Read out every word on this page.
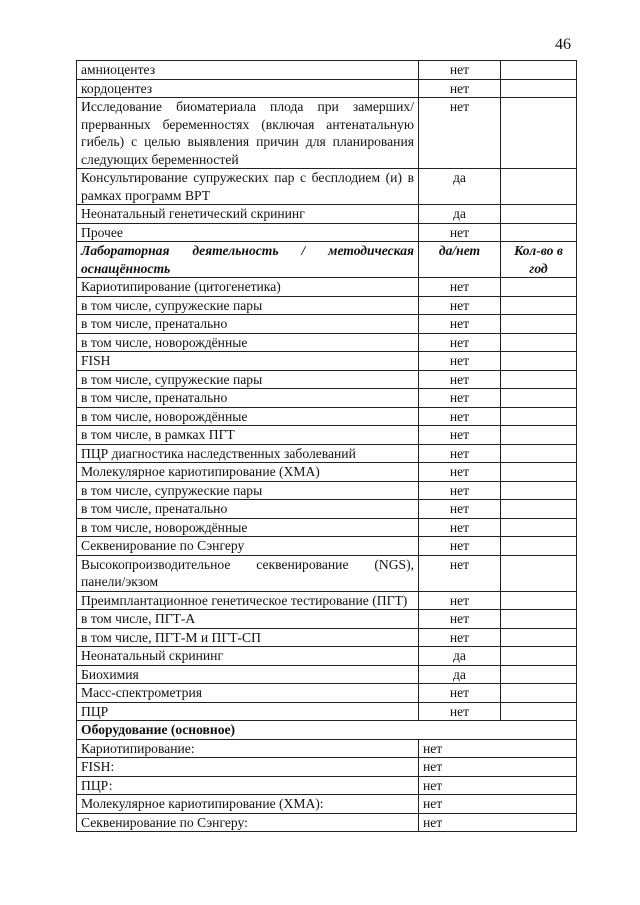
46
амниоцентез	нет	
кордоцентез	нет	
Исследование биоматериала плода при замерших/прерванных беременностях (включая антенатальную гибель) с целью выявления причин для планирования следующих беременностей	нет	
Консультирование супружеских пар с бесплодием (и) в рамках программ ВРТ	да	
Неонатальный генетический скрининг	да	
Прочее	нет	
Лабораторная деятельность / методическая оснащённость	да/нет	Кол-во в год
Кариотипирование (цитогенетика)	нет	
в том числе, супружеские пары	нет	
в том числе, пренатально	нет	
в том числе, новорождённые	нет	
FISH	нет	
в том числе, супружеские пары	нет	
в том числе, пренатально	нет	
в том числе, новорождённые	нет	
в том числе, в рамках ПГТ	нет	
ПЦР диагностика наследственных заболеваний	нет	
Молекулярное кариотипирование (ХМА)	нет	
в том числе, супружеские пары	нет	
в том числе, пренатально	нет	
в том числе, новорождённые	нет	
Секвенирование по Сэнгеру	нет	
Высокопроизводительное секвенирование (NGS), панели/экзом	нет	
Преимплантационное генетическое тестирование (ПГТ)	нет	
в том числе, ПГТ-А	нет	
в том числе, ПГТ-М и ПГТ-СП	нет	
Неонатальный скрининг	да	
Биохимия	да	
Масс-спектрометрия	нет	
ПЦР	нет	
Оборудование (основное)		
Кариотипирование:	нет	
FISH:	нет	
ПЦР:	нет	
Молекулярное кариотипирование (ХМА):	нет	
Секвенирование по Сэнгеру:	нет	
